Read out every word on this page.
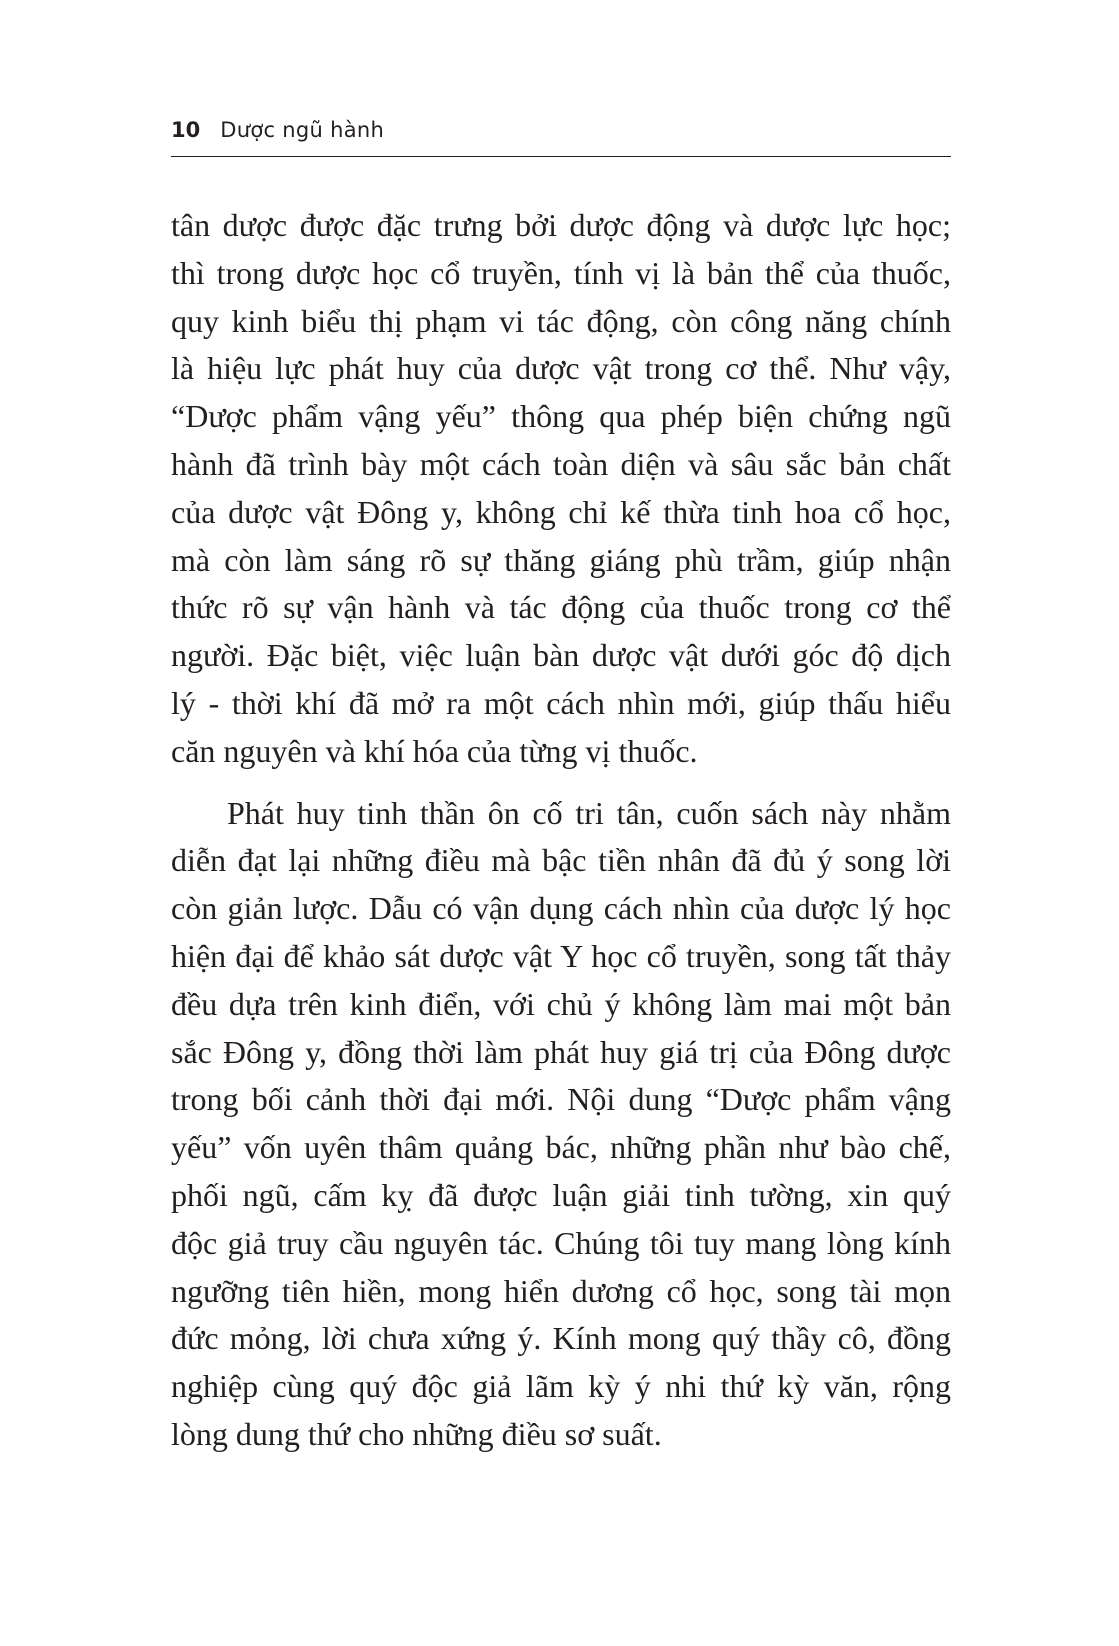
10 Dược ngũ hành
tân dược được đặc trưng bởi dược động và dược lực học;
thì trong dược học cổ truyền, tính vị là bản thể của thuốc,
quy kinh biểu thị phạm vi tác động, còn công năng chính
là hiệu lực phát huy của dược vật trong cơ thể. Như vậy,
“Dược phẩm vậng yếu” thông qua phép biện chứng ngũ
hành đã trình bày một cách toàn diện và sâu sắc bản chất
của dược vật Đông y, không chỉ kế thừa tinh hoa cổ học,
mà còn làm sáng rõ sự thăng giáng phù trầm, giúp nhận
thức rõ sự vận hành và tác động của thuốc trong cơ thể
người. Đặc biệt, việc luận bàn dược vật dưới góc độ dịch
lý - thời khí đã mở ra một cách nhìn mới, giúp thấu hiểu
căn nguyên và khí hóa của từng vị thuốc.
Phát huy tinh thần ôn cố tri tân, cuốn sách này nhằm
diễn đạt lại những điều mà bậc tiền nhân đã đủ ý song lời
còn giản lược. Dẫu có vận dụng cách nhìn của dược lý học
hiện đại để khảo sát dược vật Y học cổ truyền, song tất thảy
đều dựa trên kinh điển, với chủ ý không làm mai một bản
sắc Đông y, đồng thời làm phát huy giá trị của Đông dược
trong bối cảnh thời đại mới. Nội dung “Dược phẩm vậng
yếu” vốn uyên thâm quảng bác, những phần như bào chế,
phối ngũ, cấm kỵ đã được luận giải tinh tường, xin quý
độc giả truy cầu nguyên tác. Chúng tôi tuy mang lòng kính
ngưỡng tiên hiền, mong hiển dương cổ học, song tài mọn
đức mỏng, lời chưa xứng ý. Kính mong quý thầy cô, đồng
nghiệp cùng quý độc giả lãm kỳ ý nhi thứ kỳ văn, rộng
lòng dung thứ cho những điều sơ suất.
